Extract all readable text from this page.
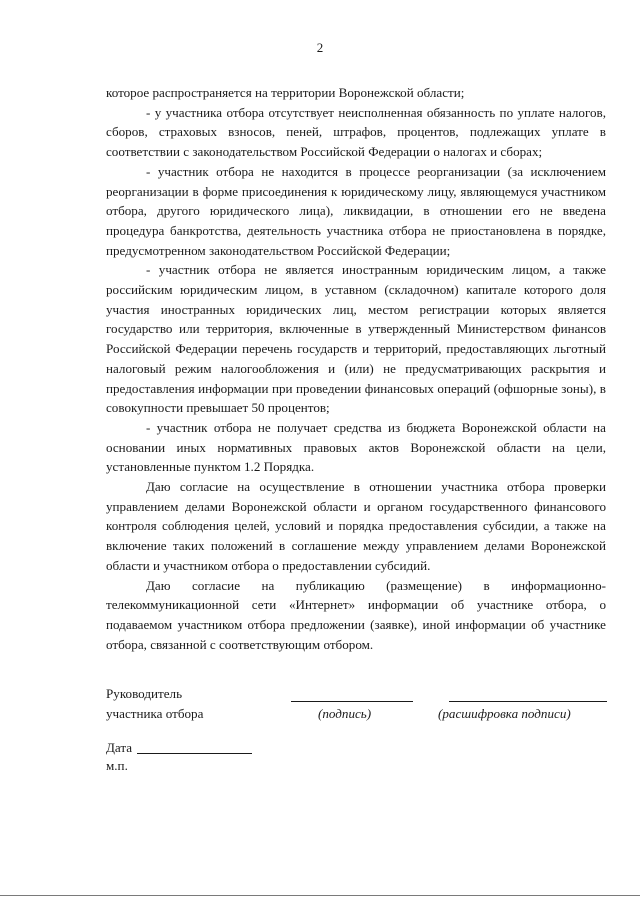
2

которое распространяется на территории Воронежской области;

- у участника отбора отсутствует неисполненная обязанность по уплате налогов, сборов, страховых взносов, пеней, штрафов, процентов, подлежащих уплате в соответствии с законодательством Российской Федерации о налогах и сборах;

- участник отбора не находится в процессе реорганизации (за исключением реорганизации в форме присоединения к юридическому лицу, являющемуся участником отбора, другого юридического лица), ликвидации, в отношении его не введена процедура банкротства, деятельность участника отбора не приостановлена в порядке, предусмотренном законодательством Российской Федерации;

- участник отбора не является иностранным юридическим лицом, а также российским юридическим лицом, в уставном (складочном) капитале которого доля участия иностранных юридических лиц, местом регистрации которых является государство или территория, включенные в утвержденный Министерством финансов Российской Федерации перечень государств и территорий, предоставляющих льготный налоговый режим налогообложения и (или) не предусматривающих раскрытия и предоставления информации при проведении финансовых операций (офшорные зоны), в совокупности превышает 50 процентов;

- участник отбора не получает средства из бюджета Воронежской области на основании иных нормативных правовых актов Воронежской области на цели, установленные пунктом 1.2 Порядка.

Даю согласие на осуществление в отношении участника отбора проверки управлением делами Воронежской области и органом государственного финансового контроля соблюдения целей, условий и порядка предоставления субсидии, а также на включение таких положений в соглашение между управлением делами Воронежской области и участником отбора о предоставлении субсидий.

Даю согласие на публикацию (размещение) в информационно-телекоммуникационной сети «Интернет» информации об участнике отбора, о подаваемом участником отбора предложении (заявке), иной информации об участнике отбора, связанной с соответствующим отбором.

Руководитель
участника отбора	(подпись)	(расшифровка подписи)
Дата
м.п.
